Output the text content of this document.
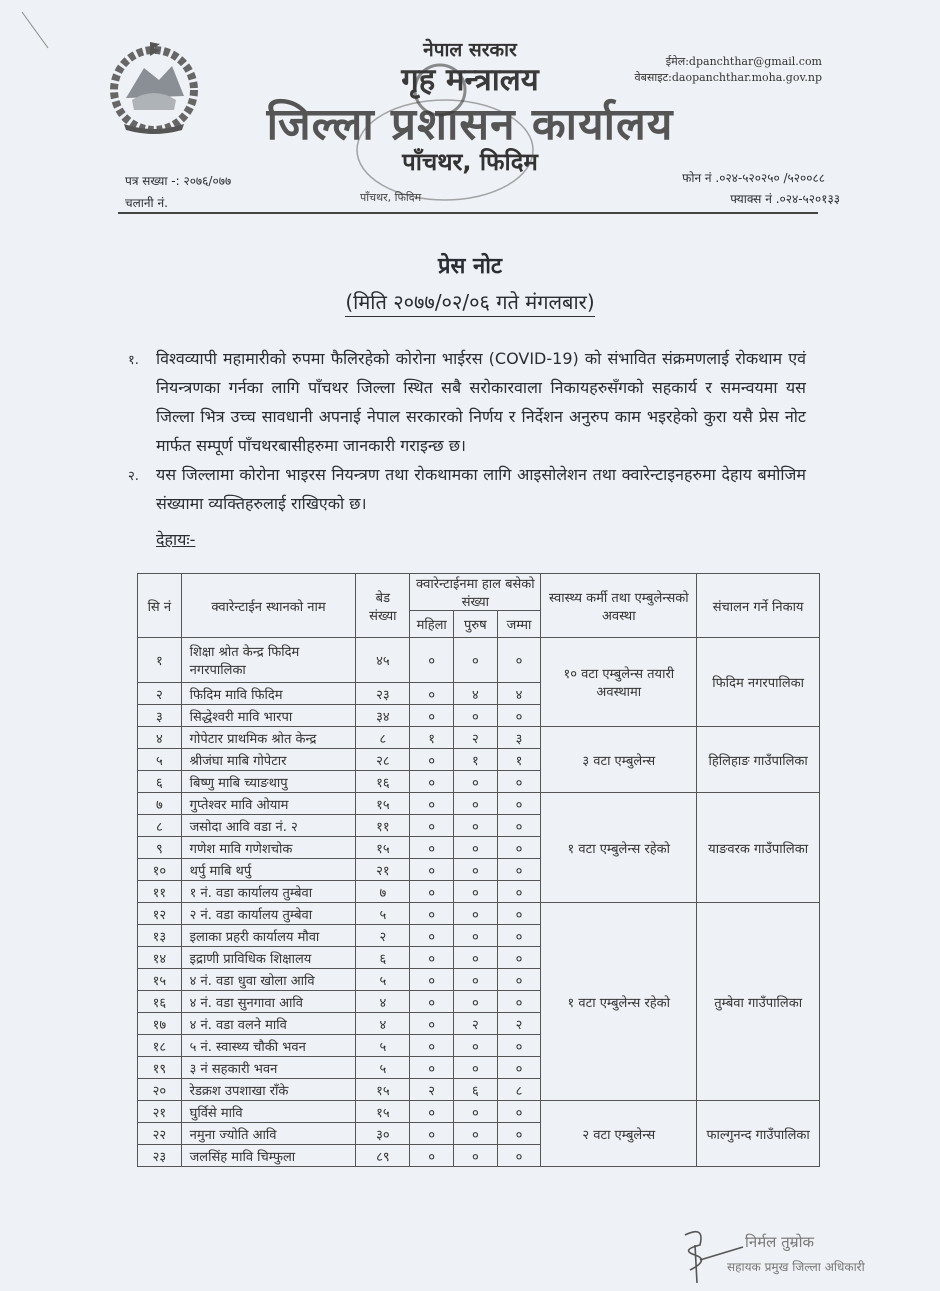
नेपाल सरकार
गृह मन्त्रालय
जिल्ला प्रशासन कार्यालय
पाँचथर, फिदिम
पाँचथर, फिदिम
ईमेल:dpanchthar@gmail.com
वेबसाइट:daopanchthar.moha.gov.np
पत्र सख्या -: २०७६/०७७
चलानी नं.
फोन नं .०२४-५२०२५० /५२००८८
फ्याक्स नं .०२४-५२०१३३
प्रेस नोट
(मिति २०७७/०२/०६ गते मंगलबार)
१. विश्वव्यापी महामारीको रुपमा फैलिरहेको कोरोना भाईरस (COVID-19) को संभावित संक्रमणलाई रोकथाम एवं नियन्त्रणका गर्नका लागि पाँचथर जिल्ला स्थित सबै सरोकारवाला निकायहरुसँगको सहकार्य र समन्वयमा यस जिल्ला भित्र उच्च सावधानी अपनाई नेपाल सरकारको निर्णय र निर्देशन अनुरुप काम भइरहेको कुरा यसै प्रेस नोट मार्फत सम्पूर्ण पाँचथरबासीहरुमा जानकारी गराइन्छ छ।
२. यस जिल्लामा कोरोना भाइरस नियन्त्रण तथा रोकथामका लागि आइसोलेशन तथा क्वारेन्टाइनहरुमा देहाय बमोजिम संख्यामा व्यक्तिहरुलाई राखिएको छ।
देहायः-
सि नं	क्वारेन्टाईन स्थानको नाम	बेड संख्या	क्वारेन्टाईनमा हाल बसेको संख्या			स्वास्थ्य कर्मी तथा एम्बुलेन्सको अवस्था	संचालन गर्ने निकाय
			महिला	पुरुष	जम्मा		
१	शिक्षा श्रोत केन्द्र फिदिम नगरपालिका	४५	०	०	०	१० वटा एम्बुलेन्स तयारी अवस्थामा	फिदिम नगरपालिका
२	फिदिम मावि फिदिम	२३	०	४	४		
३	सिद्धेश्वरी मावि भारपा	३४	०	०	०		
४	गोपेटार प्राथमिक श्रोत केन्द्र	८	१	२	३	३ वटा एम्बुलेन्स	हिलिहाङ गाउँपालिका
५	श्रीजंघा माबि गोपेटार	२८	०	१	१		
६	बिष्णु माबि च्याङथापु	१६	०	०	०		
७	गुप्तेश्वर मावि ओयाम	१५	०	०	०	१ वटा एम्बुलेन्स रहेको	याङवरक गाउँपालिका
८	जसोदा आवि वडा नं. २	११	०	०	०		
९	गणेश मावि गणेशचोक	१५	०	०	०		
१०	थर्पु माबि थर्पु	२१	०	०	०		
११	१ नं. वडा कार्यालय तुम्बेवा	७	०	०	०		
१२	२ नं. वडा कार्यालय तुम्बेवा	५	०	०	०	१ वटा एम्बुलेन्स रहेको	तुम्बेवा गाउँपालिका
१३	इलाका प्रहरी कार्यालय मौवा	२	०	०	०		
१४	इद्राणी प्राविधिक शिक्षालय	६	०	०	०		
१५	४ नं. वडा धुवा खोला आवि	५	०	०	०		
१६	४ नं. वडा सुनगावा आवि	४	०	०	०		
१७	४ नं. वडा वलने मावि	४	०	२	२		
१८	५ नं. स्वास्थ्य चौकी भवन	५	०	०	०		
१९	३ नं सहकारी भवन	५	०	०	०		
२०	रेडक्रश उपशाखा राँके	१५	२	६	८		
२१	घुर्विसे मावि	१५	०	०	०	२ वटा एम्बुलेन्स	फाल्गुनन्द गाउँपालिका
२२	नमुना ज्योति आवि	३०	०	०	०		
२३	जलसिंह मावि चिम्फुला	८९	०	०	०		
निर्मल तुम्रोक
सहायक प्रमुख जिल्ला अधिकारी
